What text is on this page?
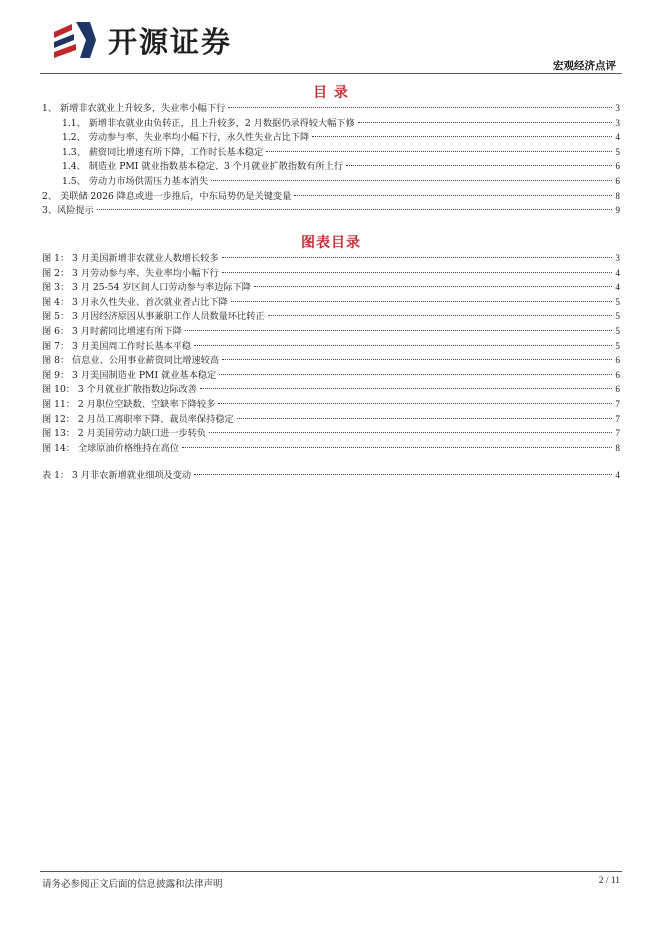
开源证券
宏观经济点评
目 录
1、 新增非农就业上升较多，失业率小幅下行	3
1.1、 新增非农就业由负转正，且上升较多，2 月数据仍录得较大幅下修	3
1.2、 劳动参与率、失业率均小幅下行，永久性失业占比下降	4
1.3、 薪资同比增速有所下降，工作时长基本稳定	5
1.4、 制造业 PMI 就业指数基本稳定、3 个月就业扩散指数有所上行	6
1.5、 劳动力市场供需压力基本消失	6
2、 美联储 2026 降息或进一步推后，中东局势仍是关键变量	8
3、风险提示	9
图表目录
图 1： 3 月美国新增非农就业人数增长较多	3
图 2： 3 月劳动参与率、失业率均小幅下行	4
图 3： 3 月 25-54 岁区间人口劳动参与率边际下降	4
图 4： 3 月永久性失业、首次就业者占比下降	5
图 5： 3 月因经济原因从事兼职工作人员数量环比转正	5
图 6： 3 月时薪同比增速有所下降	5
图 7： 3 月美国周工作时长基本平稳	5
图 8： 信息业、公用事业薪资同比增速较高	6
图 9： 3 月美国制造业 PMI 就业基本稳定	6
图 10： 3 个月就业扩散指数边际改善	6
图 11： 2 月职位空缺数、空缺率下降较多	7
图 12： 2 月员工离职率下降、裁员率保持稳定	7
图 13： 2 月美国劳动力缺口进一步转负	7
图 14： 全球原油价格维持在高位	8
表 1： 3 月非农新增就业细项及变动	4
请务必参阅正文后面的信息披露和法律声明	2 / 11
